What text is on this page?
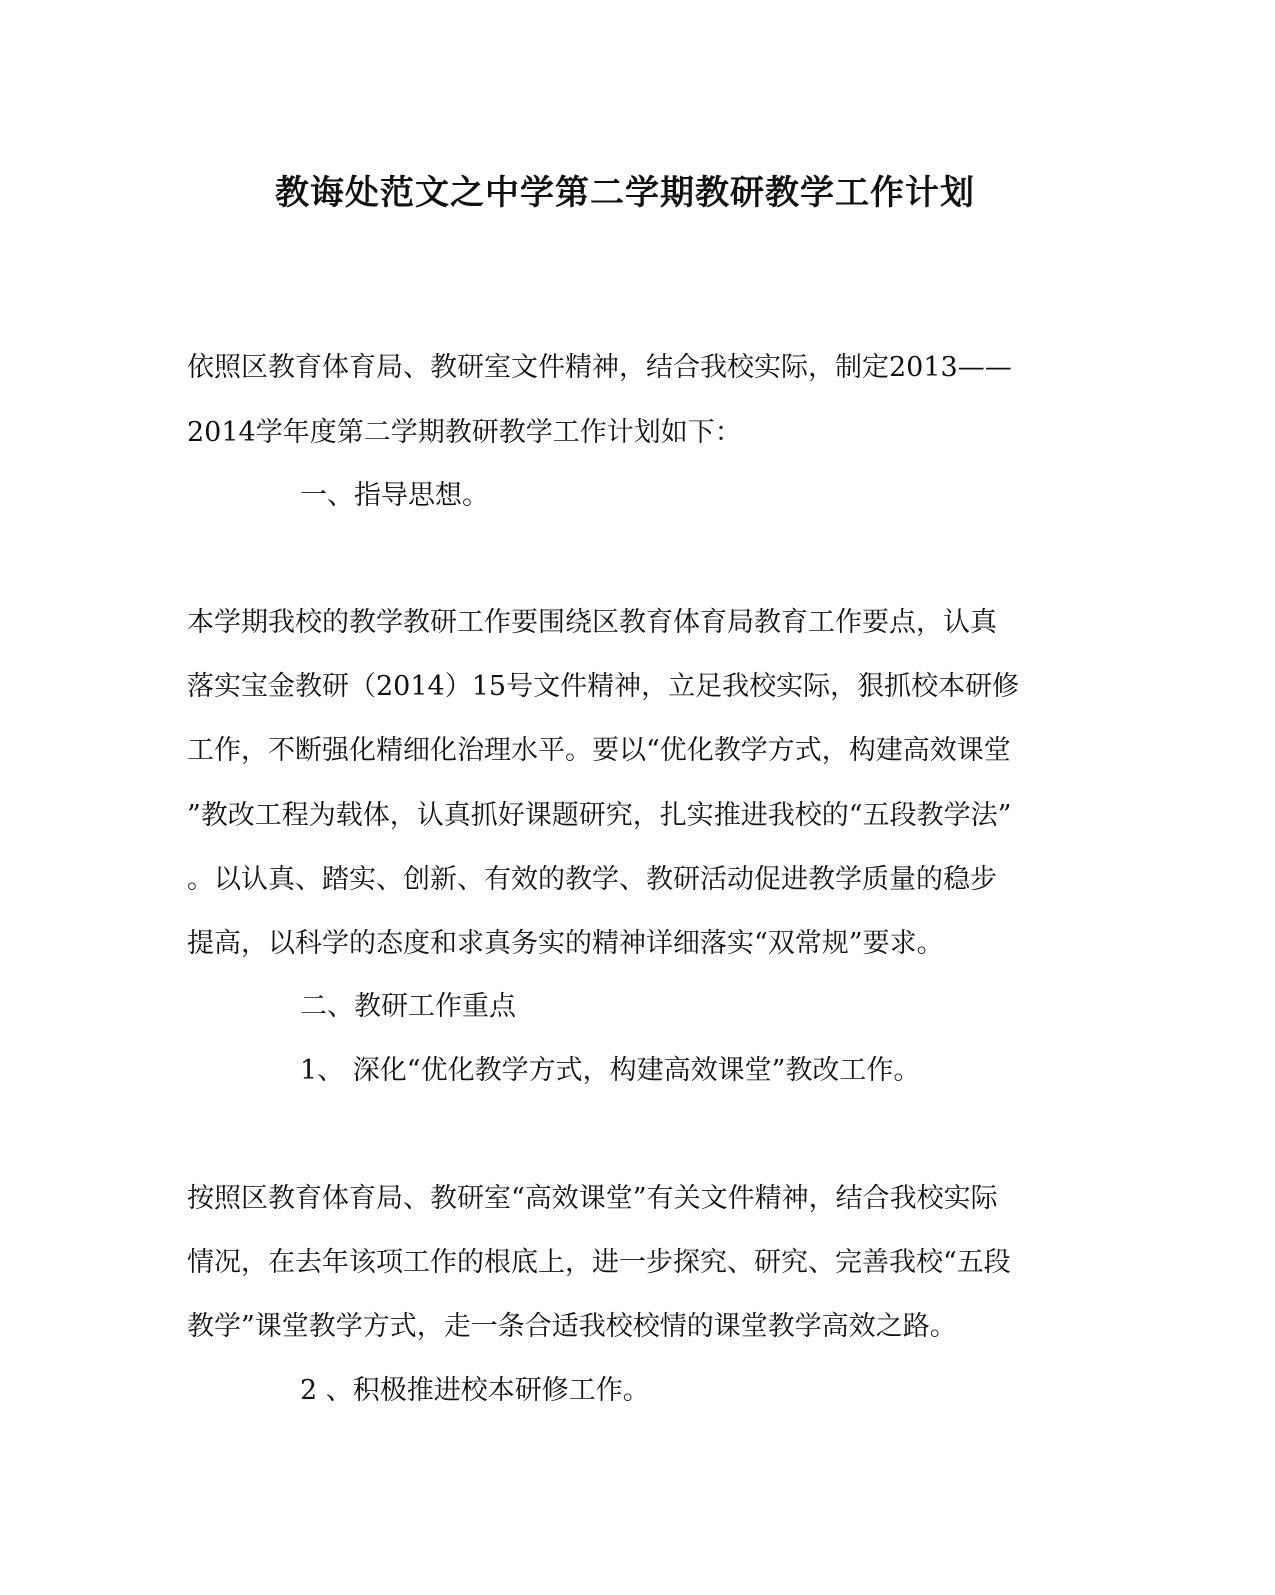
教诲处范文之中学第二学期教研教学工作计划

依照区教育体育局、教研室文件精神，结合我校实际，制定2013——

2014学年度第二学期教研教学工作计划如下：

一、指导思想。

本学期我校的教学教研工作要围绕区教育体育局教育工作要点，认真

落实宝金教研（2014）15号文件精神，立足我校实际，狠抓校本研修

工作，不断强化精细化治理水平。要以“优化教学方式，构建高效课堂

”教改工程为载体，认真抓好课题研究，扎实推进我校的“五段教学法”

。以认真、踏实、创新、有效的教学、教研活动促进教学质量的稳步

提高，以科学的态度和求真务实的精神详细落实“双常规”要求。

二、教研工作重点

1、 深化“优化教学方式，构建高效课堂”教改工作。

按照区教育体育局、教研室“高效课堂”有关文件精神，结合我校实际

情况，在去年该项工作的根底上，进一步探究、研究、完善我校“五段

教学”课堂教学方式，走一条合适我校校情的课堂教学高效之路。

2 、积极推进校本研修工作。
